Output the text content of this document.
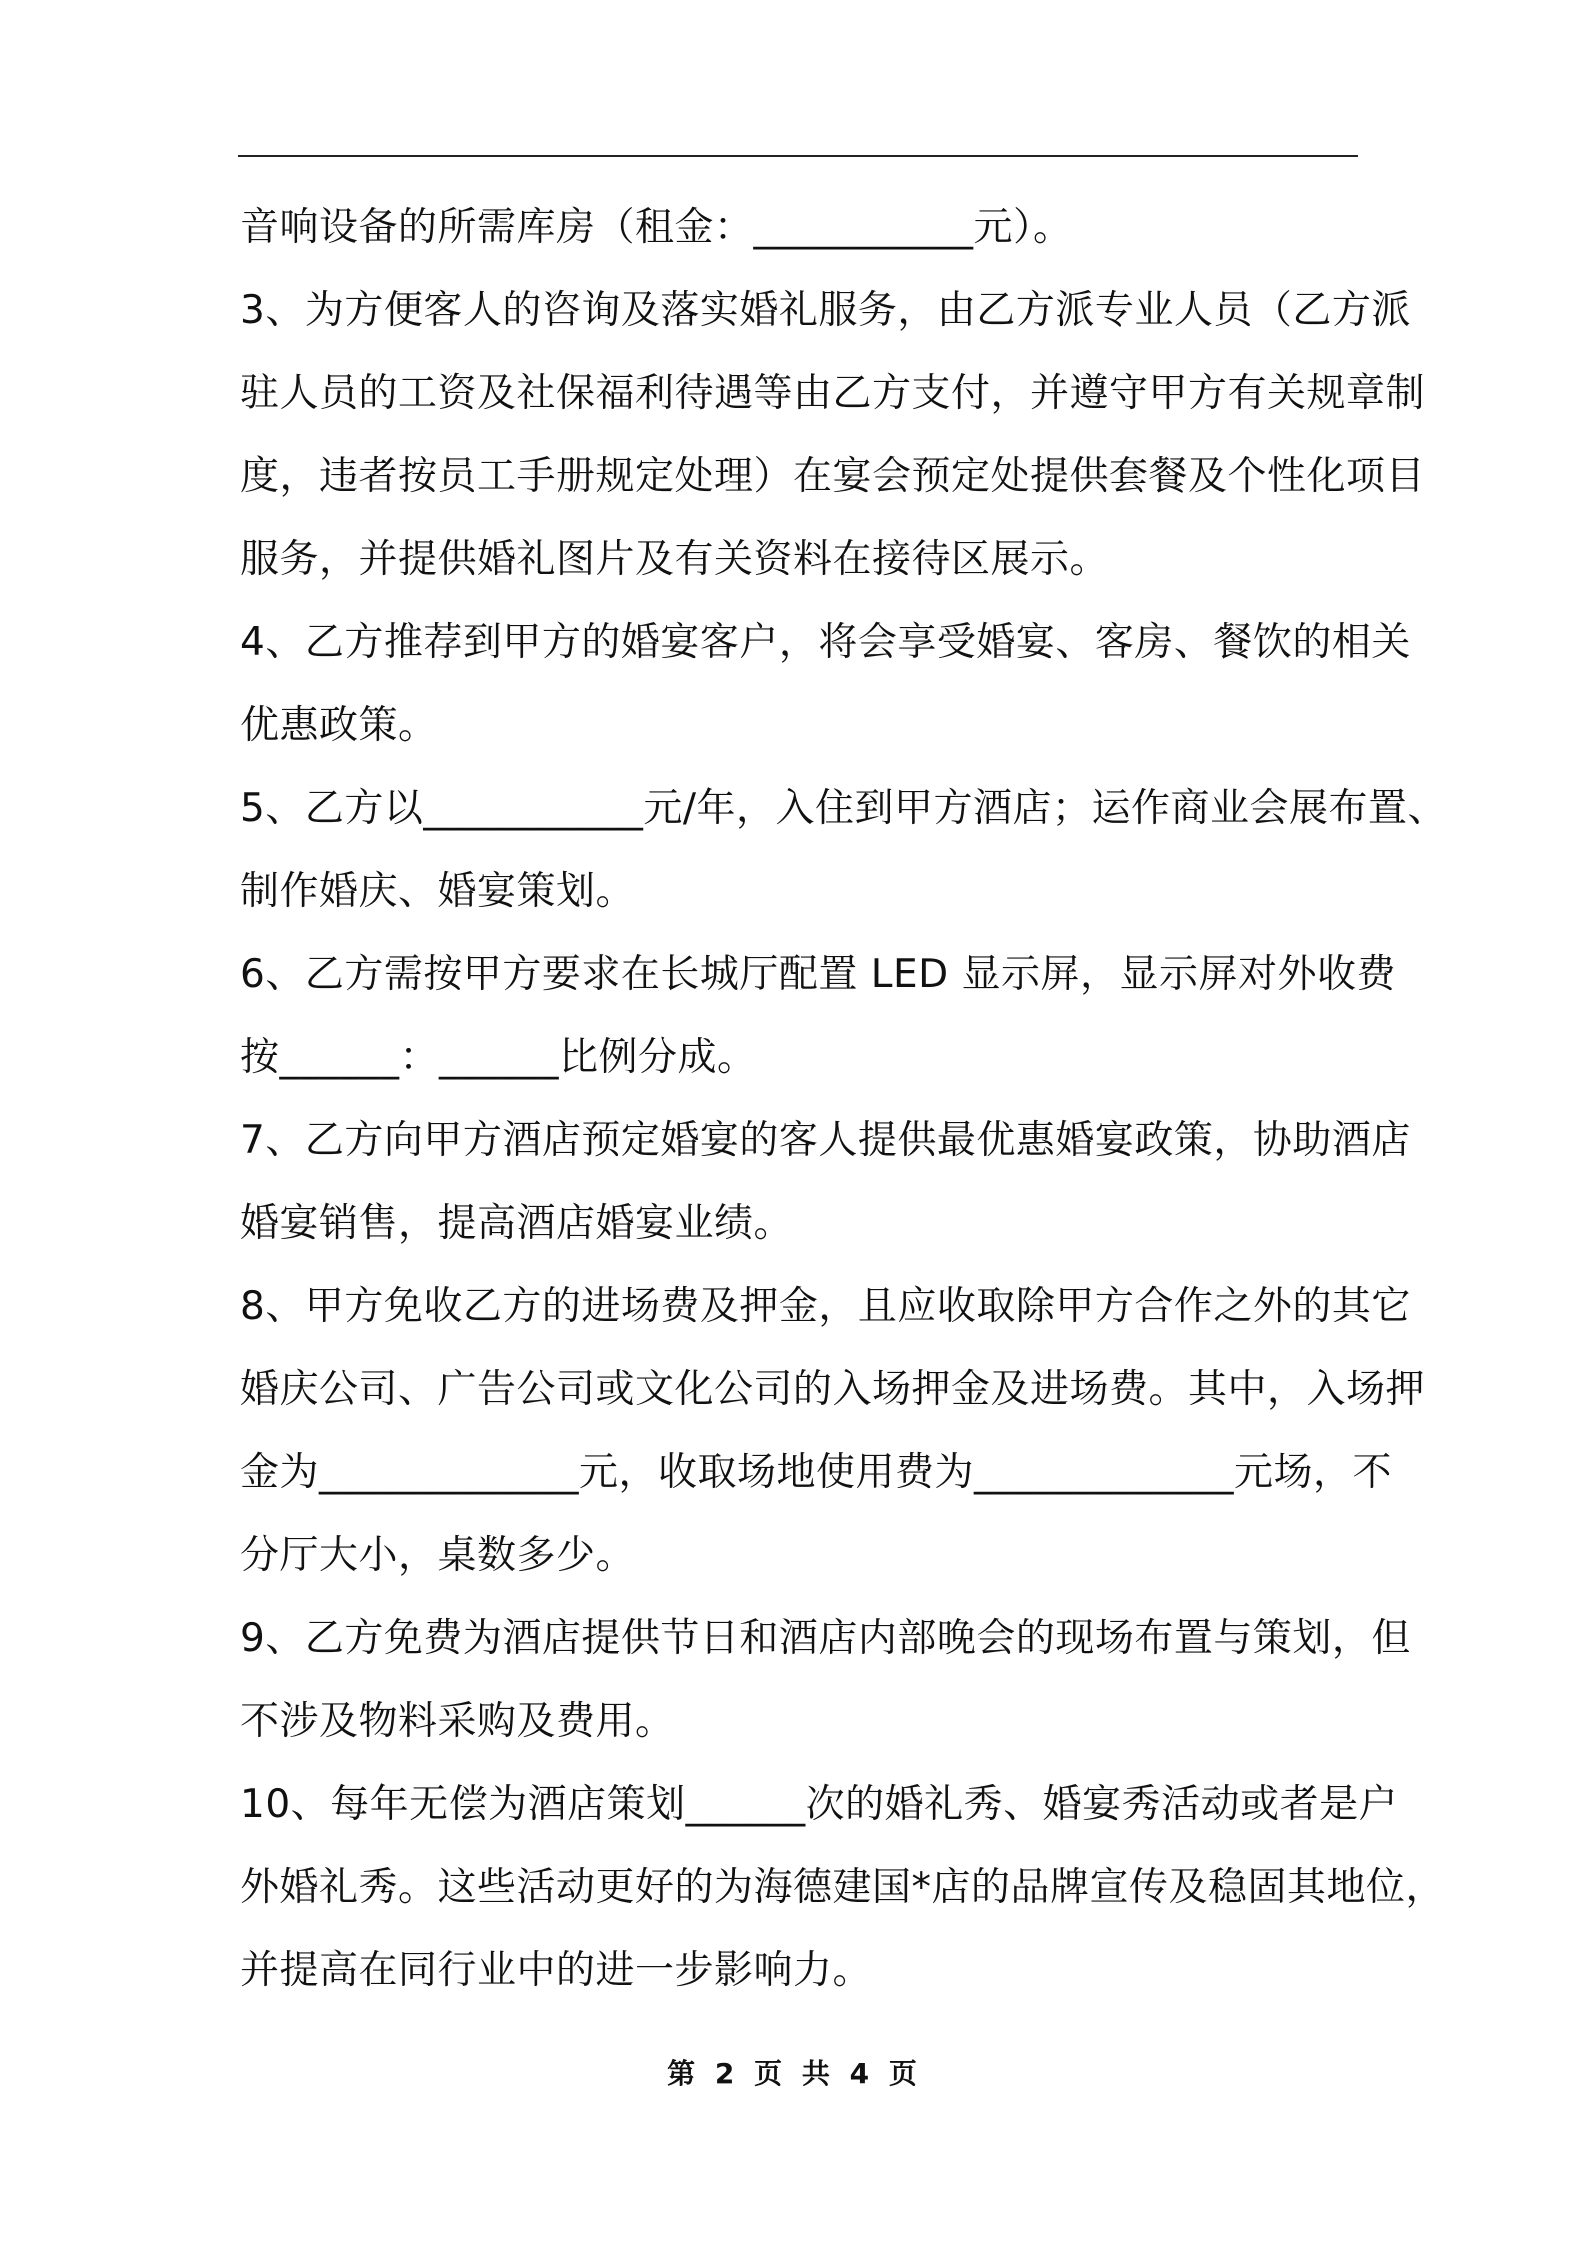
音响设备的所需库房（租金：___________元）。
3、为方便客人的咨询及落实婚礼服务，由乙方派专业人员（乙方派
驻人员的工资及社保福利待遇等由乙方支付，并遵守甲方有关规章制
度，违者按员工手册规定处理）在宴会预定处提供套餐及个性化项目
服务，并提供婚礼图片及有关资料在接待区展示。
4、乙方推荐到甲方的婚宴客户，将会享受婚宴、客房、餐饮的相关
优惠政策。
5、乙方以___________元/年，入住到甲方酒店；运作商业会展布置、
制作婚庆、婚宴策划。
6、乙方需按甲方要求在长城厅配置 LED 显示屏，显示屏对外收费
按______：______比例分成。
7、乙方向甲方酒店预定婚宴的客人提供最优惠婚宴政策，协助酒店
婚宴销售，提高酒店婚宴业绩。
8、甲方免收乙方的进场费及押金，且应收取除甲方合作之外的其它
婚庆公司、广告公司或文化公司的入场押金及进场费。其中，入场押
金为_____________元，收取场地使用费为_____________元场，不
分厅大小，桌数多少。
9、乙方免费为酒店提供节日和酒店内部晚会的现场布置与策划，但
不涉及物料采购及费用。
10、每年无偿为酒店策划______次的婚礼秀、婚宴秀活动或者是户
外婚礼秀。这些活动更好的为海德建国*店的品牌宣传及稳固其地位，
并提高在同行业中的进一步影响力。
第 2 页 共 4 页
